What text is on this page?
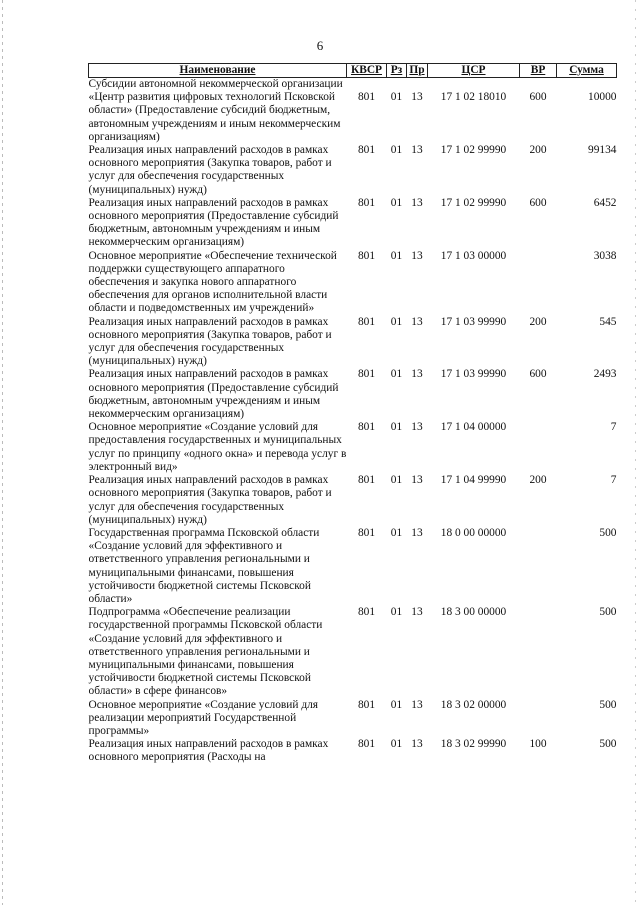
6
Наименование	КВСР	Рз	Пр	ЦСР	ВР	Сумма
Субсидии автономной некоммерческой организации «Центр развития цифровых технологий Псковской области» (Предоставление субсидий бюджетным, автономным учреждениям и иным некоммерческим организациям)	801	01	13	17 1 02 18010	600	10000
Реализация иных направлений расходов в рамках основного мероприятия (Закупка товаров, работ и услуг для обеспечения государственных (муниципальных) нужд)	801	01	13	17 1 02 99990	200	99134
Реализация иных направлений расходов в рамках основного мероприятия (Предоставление субсидий бюджетным, автономным учреждениям и иным некоммерческим организациям)	801	01	13	17 1 02 99990	600	6452
Основное мероприятие «Обеспечение технической поддержки существующего аппаратного обеспечения и закупка нового аппаратного обеспечения для органов исполнительной власти области и подведомственных им учреждений»	801	01	13	17 1 03 00000		3038
Реализация иных направлений расходов в рамках основного мероприятия (Закупка товаров, работ и услуг для обеспечения государственных (муниципальных) нужд)	801	01	13	17 1 03 99990	200	545
Реализация иных направлений расходов в рамках основного мероприятия (Предоставление субсидий бюджетным, автономным учреждениям и иным некоммерческим организациям)	801	01	13	17 1 03 99990	600	2493
Основное мероприятие «Создание условий для предоставления государственных и муниципальных услуг по принципу «одного окна» и перевода услуг в электронный вид»	801	01	13	17 1 04 00000		7
Реализация иных направлений расходов в рамках основного мероприятия (Закупка товаров, работ и услуг для обеспечения государственных (муниципальных) нужд)	801	01	13	17 1 04 99990	200	7
Государственная программа Псковской области «Создание условий для эффективного и ответственного управления региональными и муниципальными финансами, повышения устойчивости бюджетной системы Псковской области»	801	01	13	18 0 00 00000		500
Подпрограмма «Обеспечение реализации государственной программы Псковской области «Создание условий для эффективного и ответственного управления региональными и муниципальными финансами, повышения устойчивости бюджетной системы Псковской области» в сфере финансов»	801	01	13	18 3 00 00000		500
Основное мероприятие «Создание условий для реализации мероприятий Государственной программы»	801	01	13	18 3 02 00000		500
Реализация иных направлений расходов в рамках основного мероприятия (Расходы на	801	01	13	18 3 02 99990	100	500
